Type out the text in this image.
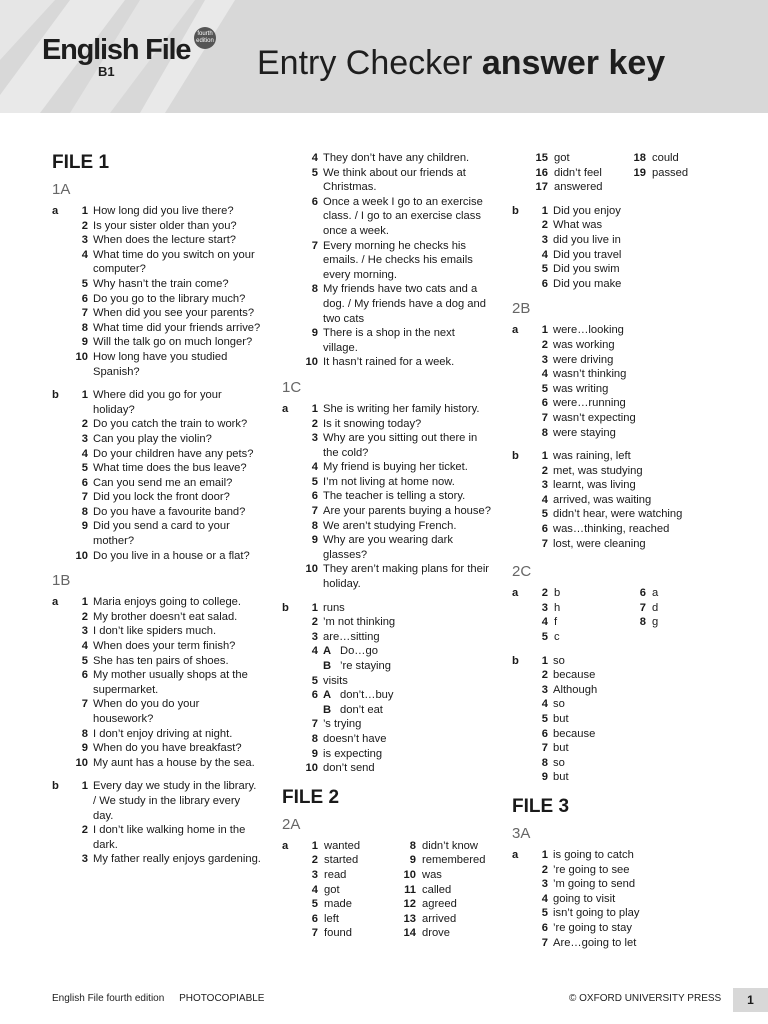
English File	fourth
edition
B1	Entry Checker answer key
FILE 1
1A
a	1 How long did you live there?
2 Is your sister older than you?
3 When does the lecture start?
4 What time do you switch on your computer?
5 Why hasn’t the train come?
6 Do you go to the library much?
7 When did you see your parents?
8 What time did your friends arrive?
9 Will the talk go on much longer?
10 How long have you studied Spanish?
b	1 Where did you go for your holiday?
2 Do you catch the train to work?
3 Can you play the violin?
4 Do your children have any pets?
5 What time does the bus leave?
6 Can you send me an email?
7 Did you lock the front door?
8 Do you have a favourite band?
9 Did you send a card to your mother?
10 Do you live in a house or a flat?
1B
a	1 Maria enjoys going to college.
2 My brother doesn’t eat salad.
3 I don’t like spiders much.
4 When does your term finish?
5 She has ten pairs of shoes.
6 My mother usually shops at the supermarket.
7 When do you do your housework?
8 I don’t enjoy driving at night.
9 When do you have breakfast?
10 My aunt has a house by the sea.
b	1 Every day we study in the library. / We study in the library every day.
2 I don’t like walking home in the dark.
3 My father really enjoys gardening.
4 They don’t have any children.
5 We think about our friends at Christmas.
6 Once a week I go to an exercise class. / I go to an exercise class once a week.
7 Every morning he checks his emails. / He checks his emails every morning.
8 My friends have two cats and a dog. / My friends have a dog and two cats
9 There is a shop in the next village.
10 It hasn’t rained for a week.
1C
a	1 She is writing her family history.
2 Is it snowing today?
3 Why are you sitting out there in the cold?
4 My friend is buying her ticket.
5 I’m not living at home now.
6 The teacher is telling a story.
7 Are your parents buying a house?
8 We aren’t studying French.
9 Why are you wearing dark glasses?
10 They aren’t making plans for their holiday.
b	1 runs
2 ’m not thinking
3 are…sitting
4 A Do…go
B ’re staying
5 visits
6 A don’t…buy
B don’t eat
7 ’s trying
8 doesn’t have
9 is expecting
10 don’t send
FILE 2
2A
a	1 wanted
2 started
3 read
4 got
5 made
6 left
7 found
8 didn’t know
9 remembered
10 was
11 called
12 agreed
13 arrived
14 drove
15 got
16 didn’t feel
17 answered
18 could
19 passed
b	1 Did you enjoy
2 What was
3 did you live in
4 Did you travel
5 Did you swim
6 Did you make
2B
a	1 were…looking
2 was working
3 were driving
4 wasn’t thinking
5 was writing
6 were…running
7 wasn’t expecting
8 were staying
b	1 was raining, left
2 met, was studying
3 learnt, was living
4 arrived, was waiting
5 didn’t hear, were watching
6 was…thinking, reached
7 lost, were cleaning
2C
a	2 b
3 h
4 f
5 c
6 a
7 d
8 g
b	1 so
2 because
3 Although
4 so
5 but
6 because
7 but
8 so
9 but
FILE 3
3A
a	1 is going to catch
2 ’re going to see
3 ’m going to send
4 going to visit
5 isn’t going to play
6 ’re going to stay
7 Are…going to let
English File fourth edition PHOTOCOPIABLE	© OXFORD UNIVERSITY PRESS	1
